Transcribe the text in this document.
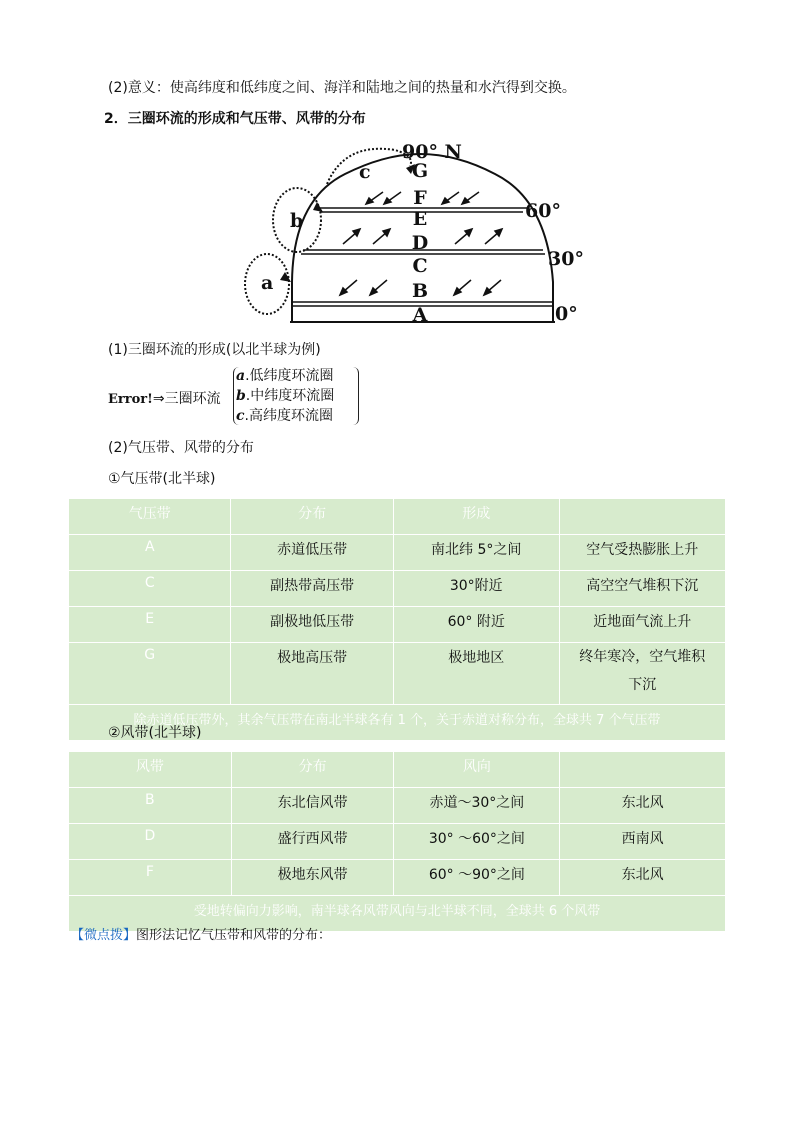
(2)意义：使高纬度和低纬度之间、海洋和陆地之间的热量和水汽得到交换。
2．三圈环流的形成和气压带、风带的分布
G
F
E
D
C
B
A
90° N
60°
30°
0°
a
b
c
(1)三圈环流的形成(以北半球为例)
Error!⇒三圈环流
a.低纬度环流圈
b.中纬度环流圈
c.高纬度环流圈
(2)气压带、风带的分布
①气压带(北半球)
气压带	分布	形成	
A	赤道低压带	南北纬 5°之间	空气受热膨胀上升
C	副热带高压带	30°附近	高空空气堆积下沉
E	副极地低压带	60° 附近	近地面气流上升
G	极地高压带	极地地区	终年寒冷，空气堆积下沉
除赤道低压带外，其余气压带在南北半球各有 1 个，关于赤道对称分布，全球共 7 个气压带			
②风带(北半球)
风带	分布	风向	
B	东北信风带	赤道～30°之间	东北风
D	盛行西风带	30° ～60°之间	西南风
F	极地东风带	60° ～90°之间	东北风
受地转偏向力影响，南半球各风带风向与北半球不同，全球共 6 个风带			
【微点拨】图形法记忆气压带和风带的分布：
